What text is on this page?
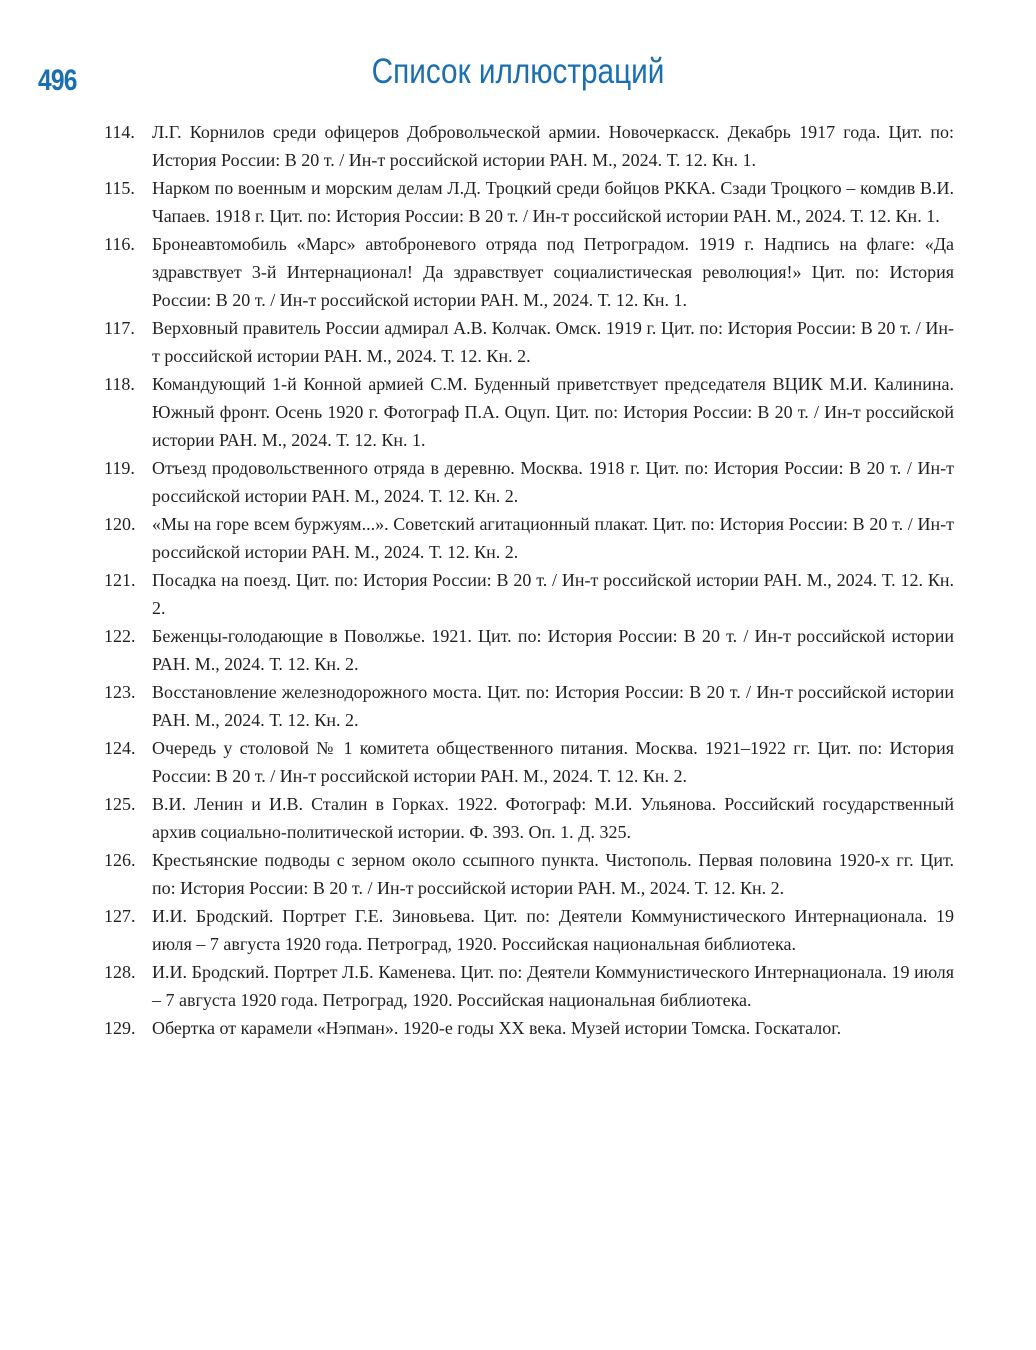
496	Список иллюстраций
114. Л.Г. Корнилов среди офицеров Добровольческой армии. Новочеркасск. Декабрь 1917 года. Цит. по: История России: В 20 т. / Ин-т российской истории РАН. М., 2024. Т. 12. Кн. 1.
115. Нарком по военным и морским делам Л.Д. Троцкий среди бойцов РККА. Сзади Троцкого – комдив В.И. Чапаев. 1918 г. Цит. по: История России: В 20 т. / Ин-т российской истории РАН. М., 2024. Т. 12. Кн. 1.
116. Бронеавтомобиль «Марс» автоброневого отряда под Петроградом. 1919 г. Надпись на флаге: «Да здравствует 3-й Интернационал! Да здравствует социалистическая революция!» Цит. по: История России: В 20 т. / Ин-т российской истории РАН. М., 2024. Т. 12. Кн. 1.
117. Верховный правитель России адмирал А.В. Колчак. Омск. 1919 г. Цит. по: История России: В 20 т. / Ин-т российской истории РАН. М., 2024. Т. 12. Кн. 2.
118. Командующий 1-й Конной армией С.М. Буденный приветствует председателя ВЦИК М.И. Калинина. Южный фронт. Осень 1920 г. Фотограф П.А. Оцуп. Цит. по: История России: В 20 т. / Ин-т российской истории РАН. М., 2024. Т. 12. Кн. 1.
119. Отъезд продовольственного отряда в деревню. Москва. 1918 г. Цит. по: История России: В 20 т. / Ин-т российской истории РАН. М., 2024. Т. 12. Кн. 2.
120. «Мы на горе всем буржуям...». Советский агитационный плакат. Цит. по: История России: В 20 т. / Ин-т российской истории РАН. М., 2024. Т. 12. Кн. 2.
121. Посадка на поезд. Цит. по: История России: В 20 т. / Ин-т российской истории РАН. М., 2024. Т. 12. Кн. 2.
122. Беженцы-голодающие в Поволжье. 1921. Цит. по: История России: В 20 т. / Ин-т российской истории РАН. М., 2024. Т. 12. Кн. 2.
123. Восстановление железнодорожного моста. Цит. по: История России: В 20 т. / Ин-т российской истории РАН. М., 2024. Т. 12. Кн. 2.
124. Очередь у столовой № 1 комитета общественного питания. Москва. 1921–1922 гг. Цит. по: История России: В 20 т. / Ин-т российской истории РАН. М., 2024. Т. 12. Кн. 2.
125. В.И. Ленин и И.В. Сталин в Горках. 1922. Фотограф: М.И. Ульянова. Российский государственный архив социально-политической истории. Ф. 393. Оп. 1. Д. 325.
126. Крестьянские подводы с зерном около ссыпного пункта. Чистополь. Первая половина 1920-х гг. Цит. по: История России: В 20 т. / Ин-т российской истории РАН. М., 2024. Т. 12. Кн. 2.
127. И.И. Бродский. Портрет Г.Е. Зиновьева. Цит. по: Деятели Коммунистического Интернационала. 19 июля – 7 августа 1920 года. Петроград, 1920. Российская национальная библиотека.
128. И.И. Бродский. Портрет Л.Б. Каменева. Цит. по: Деятели Коммунистического Интернационала. 19 июля – 7 августа 1920 года. Петроград, 1920. Российская национальная библиотека.
129. Обертка от карамели «Нэпман». 1920-е годы XX века. Музей истории Томска. Госкаталог.
